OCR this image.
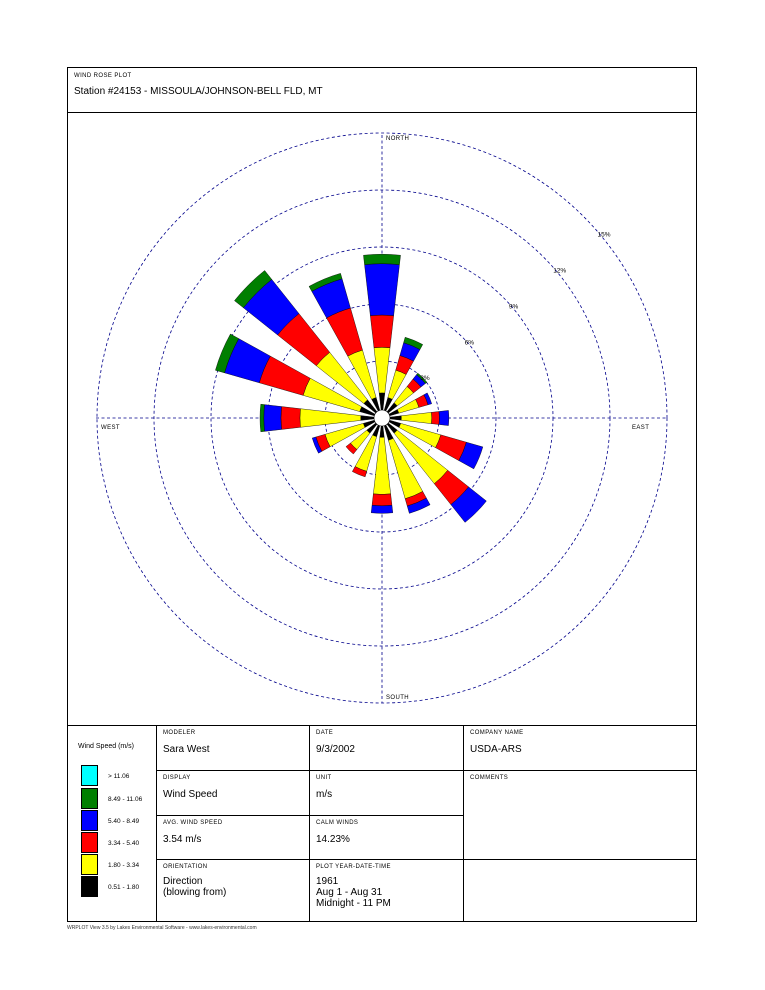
WIND ROSE PLOT
Station #24153 - MISSOULA/JOHNSON-BELL FLD, MT
3%
6%
9%
12%
15%
NORTH
SOUTH
EAST
WEST
Wind Speed (m/s)
> 11.06
8.49 - 11.06
5.40 - 8.49
3.34 - 5.40
1.80 - 3.34
0.51 - 1.80
MODELER
Sara West
DATE
9/3/2002
COMPANY NAME
USDA-ARS
DISPLAY
Wind Speed
UNIT
m/s
COMMENTS
AVG. WIND SPEED
3.54 m/s
CALM WINDS
14.23%
ORIENTATION
Direction
(blowing from)
PLOT YEAR-DATE-TIME
1961
Aug 1 - Aug 31
Midnight - 11 PM
WRPLOT View 3.5 by Lakes Environmental Software - www.lakes-environmental.com
